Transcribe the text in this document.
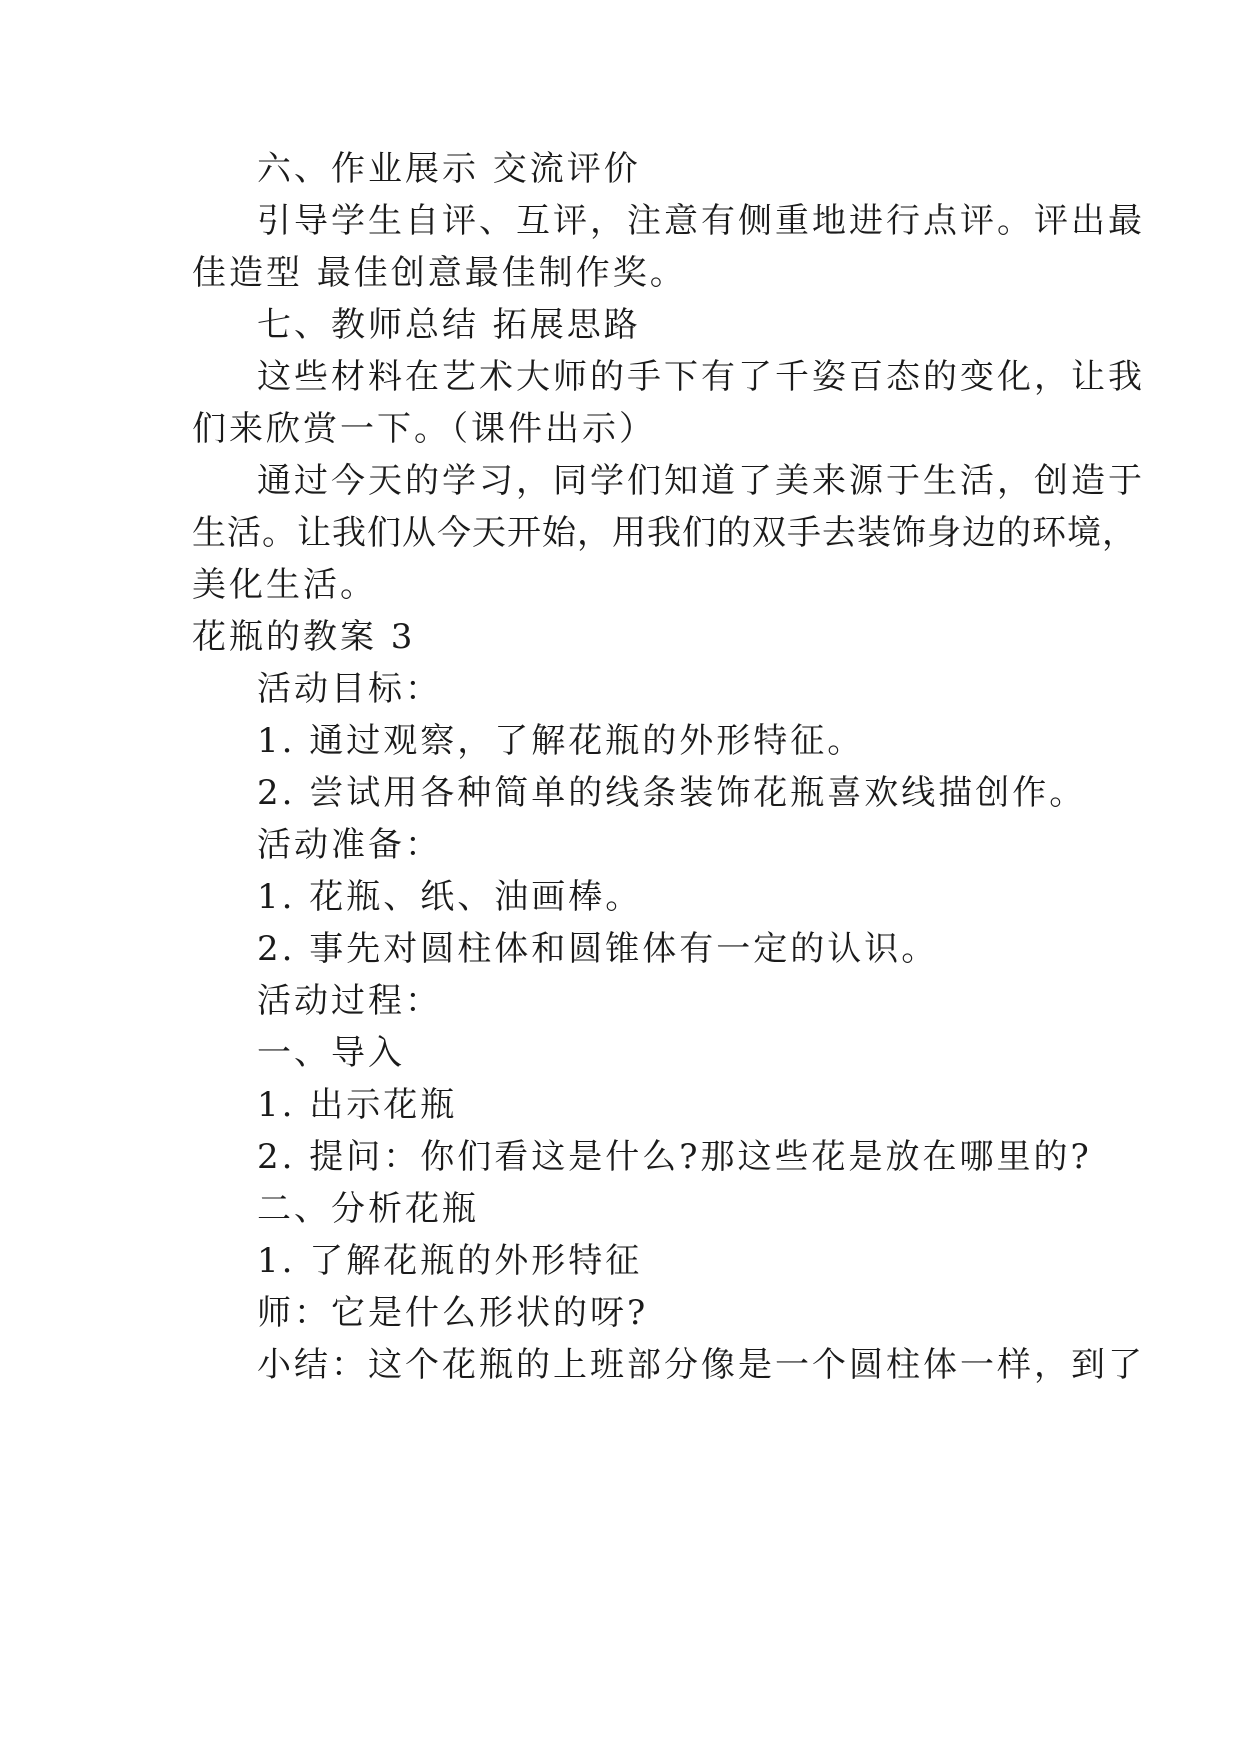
六、作业展示 交流评价
引导学生自评、互评，注意有侧重地进行点评。评出最
佳造型 最佳创意最佳制作奖。
七、教师总结 拓展思路
这些材料在艺术大师的手下有了千姿百态的变化，让我
们来欣赏一下。（课件出示）
通过今天的学习，同学们知道了美来源于生活，创造于
生活。让我们从今天开始，用我们的双手去装饰身边的环境，
美化生活。
花瓶的教案 3
活动目标：
1. 通过观察，了解花瓶的外形特征。
2. 尝试用各种简单的线条装饰花瓶喜欢线描创作。
活动准备：
1. 花瓶、纸、油画棒。
2. 事先对圆柱体和圆锥体有一定的认识。
活动过程：
一、导入
1. 出示花瓶
2. 提问：你们看这是什么?那这些花是放在哪里的?
二、分析花瓶
1. 了解花瓶的外形特征
师：它是什么形状的呀?
小结：这个花瓶的上班部分像是一个圆柱体一样，到了
